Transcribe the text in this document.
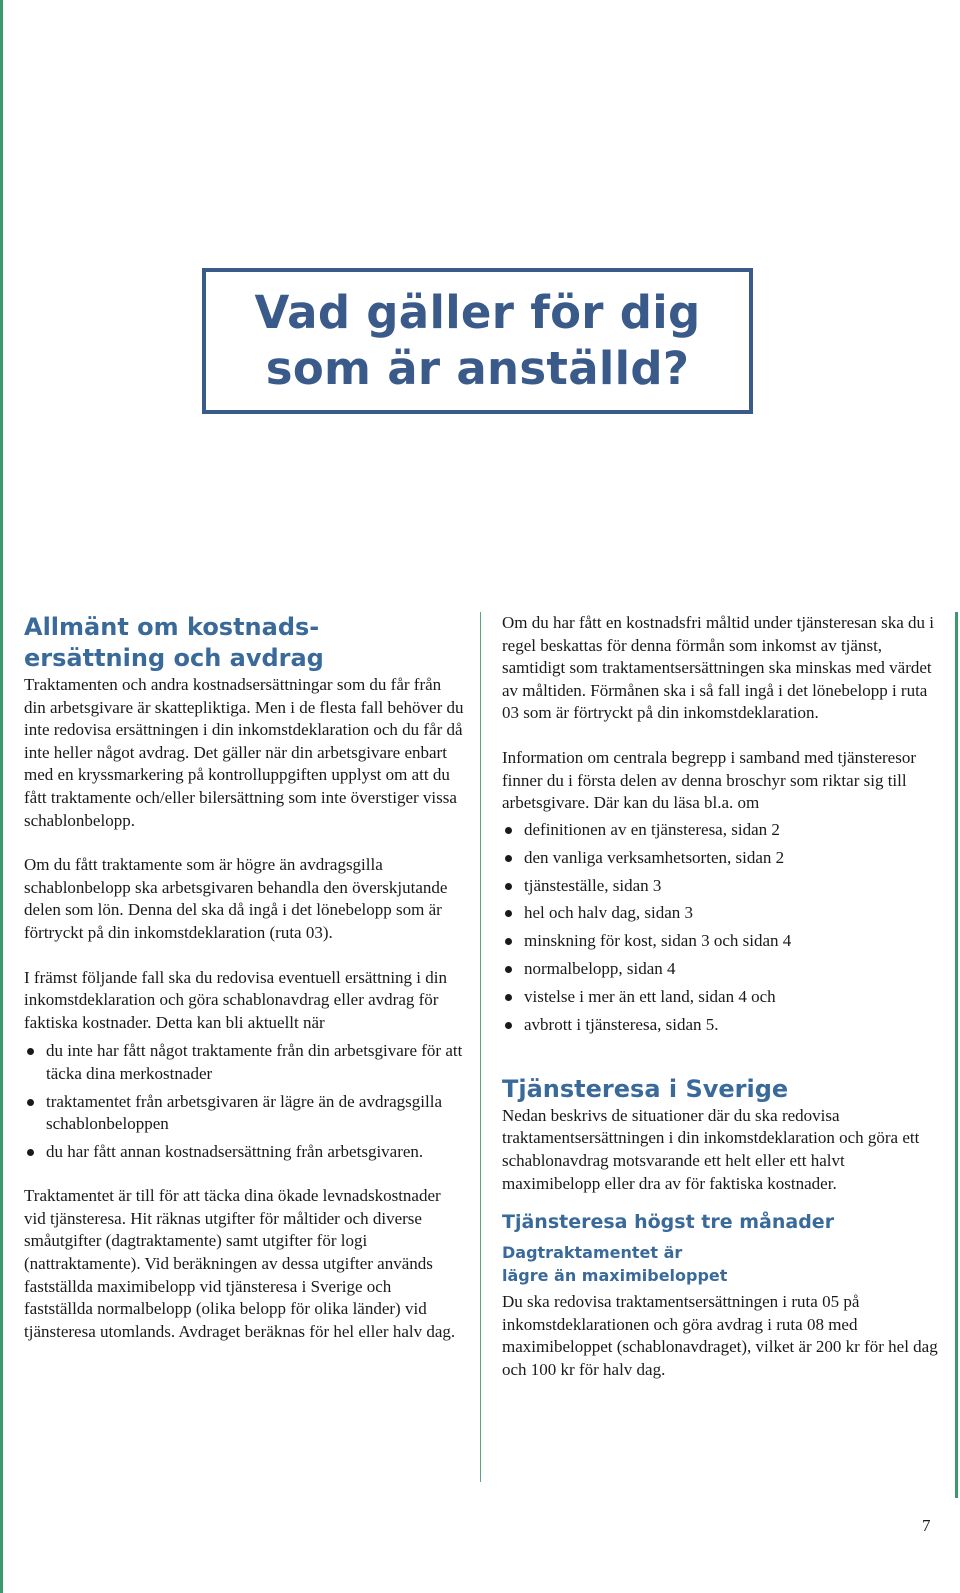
Vad gäller för dig
som är anställd?
Allmänt om kostnads-
ersättning och avdrag

Traktamenten och andra kostnadsersättningar som du får från din arbetsgivare är skattepliktiga. Men i de flesta fall behöver du inte redovisa ersättningen i din inkomstdeklaration och du får då inte heller något avdrag. Det gäller när din arbetsgivare enbart med en kryssmarkering på kontrolluppgiften upplyst om att du fått traktamente och/eller bilersättning som inte överstiger vissa schablonbelopp.

Om du fått traktamente som är högre än avdragsgilla schablonbelopp ska arbetsgivaren behandla den överskjutande delen som lön. Denna del ska då ingå i det lönebelopp som är förtryckt på din inkomstdeklaration (ruta 03).

I främst följande fall ska du redovisa eventuell ersättning i din inkomstdeklaration och göra schablonavdrag eller avdrag för faktiska kostnader. Detta kan bli aktuellt när

du inte har fått något traktamente från din arbetsgivare för att täcka dina merkostnader
traktamentet från arbetsgivaren är lägre än de avdragsgilla schablonbeloppen
du har fått annan kostnadsersättning från arbetsgivaren.

Traktamentet är till för att täcka dina ökade levnadskostnader vid tjänsteresa. Hit räknas utgifter för måltider och diverse småutgifter (dagtraktamente) samt utgifter för logi (nattraktamente). Vid beräkningen av dessa utgifter används fastställda maximibelopp vid tjänsteresa i Sverige och fastställda normalbelopp (olika belopp för olika länder) vid tjänsteresa utomlands. Avdraget beräknas för hel eller halv dag.

Om du har fått en kostnadsfri måltid under tjänsteresan ska du i regel beskattas för denna förmån som inkomst av tjänst, samtidigt som traktamentsersättningen ska minskas med värdet av måltiden. Förmånen ska i så fall ingå i det lönebelopp i ruta 03 som är förtryckt på din inkomstdeklaration.

Information om centrala begrepp i samband med tjänsteresor finner du i första delen av denna broschyr som riktar sig till arbetsgivare. Där kan du läsa bl.a. om

definitionen av en tjänsteresa, sidan 2
den vanliga verksamhetsorten, sidan 2
tjänsteställe, sidan 3
hel och halv dag, sidan 3
minskning för kost, sidan 3 och sidan 4
normalbelopp, sidan 4
vistelse i mer än ett land, sidan 4 och
avbrott i tjänsteresa, sidan 5.
Tjänsteresa i Sverige

Nedan beskrivs de situationer där du ska redovisa traktamentsersättningen i din inkomstdeklaration och göra ett schablonavdrag motsvarande ett helt eller ett halvt maximibelopp eller dra av för faktiska kostnader.

Tjänsteresa högst tre månader
Dagtraktamentet är
lägre än maximibeloppet

Du ska redovisa traktamentsersättningen i ruta 05 på inkomstdeklarationen och göra avdrag i ruta 08 med maximibeloppet (schablonavdraget), vilket är 200 kr för hel dag och 100 kr för halv dag.

7
